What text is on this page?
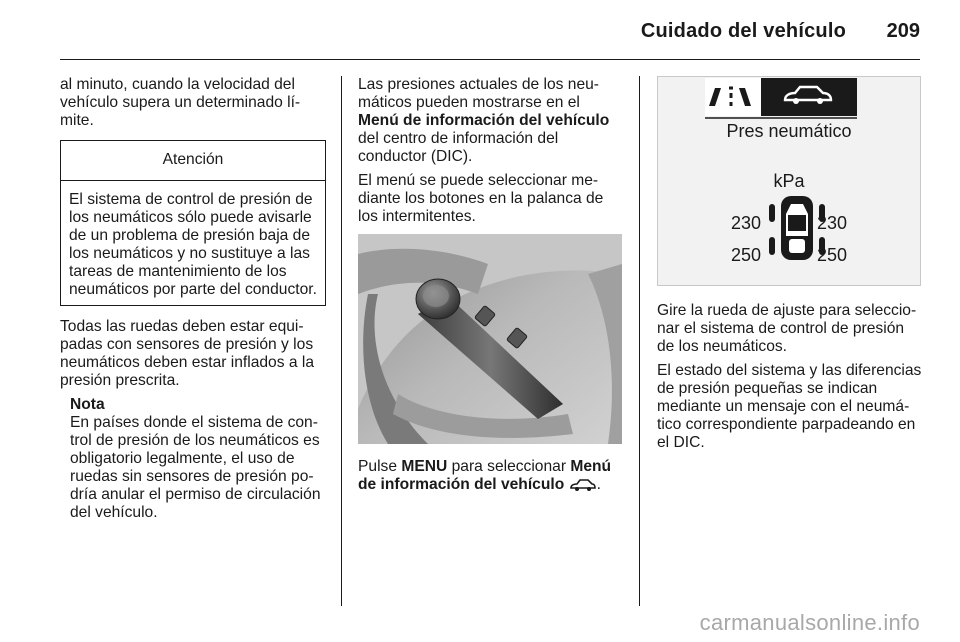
Cuidado del vehículo 209

al minuto, cuando la velocidad del vehículo supera un determinado límite.

Atención
El sistema de control de presión de los neumáticos sólo puede avisarle de un problema de presión baja de los neumáticos y no sustituye a las tareas de mantenimiento de los neumáticos por parte del conductor.

Todas las ruedas deben estar equipadas con sensores de presión y los neumáticos deben estar inflados a la presión prescrita.

Nota
En países donde el sistema de control de presión de los neumáticos es obligatorio legalmente, el uso de ruedas sin sensores de presión podría anular el permiso de circulación del vehículo.

Las presiones actuales de los neumáticos pueden mostrarse en el Menú de información del vehículo del centro de información del conductor (DIC).

El menú se puede seleccionar mediante los botones en la palanca de los intermitentes.

Pulse MENU para seleccionar Menú de información del vehículo .

Pres neumático
kPa
230	230
250	250

Gire la rueda de ajuste para seleccionar el sistema de control de presión de los neumáticos.

El estado del sistema y las diferencias de presión pequeñas se indican mediante un mensaje con el neumático correspondiente parpadeando en el DIC.

carmanualsonline.info
